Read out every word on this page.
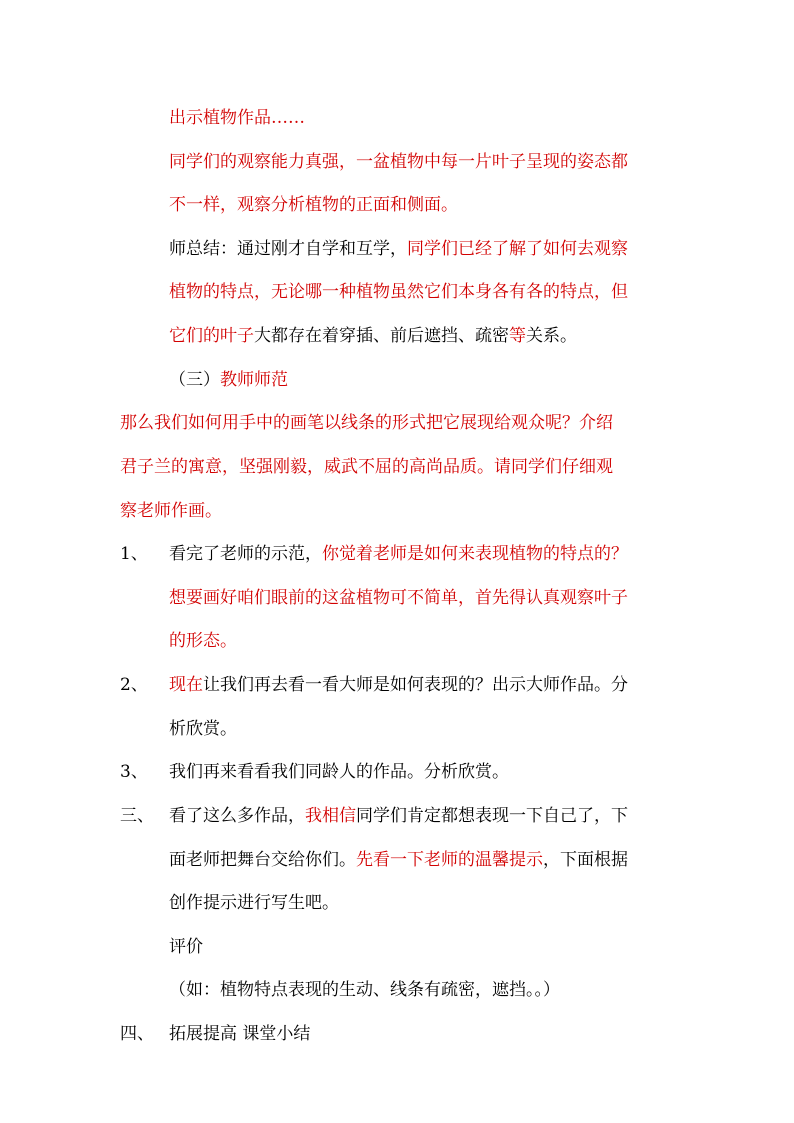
出示植物作品……
同学们的观察能力真强，一盆植物中每一片叶子呈现的姿态都
不一样，观察分析植物的正面和侧面。
师总结：通过刚才自学和互学，同学们已经了解了如何去观察
植物的特点，无论哪一种植物虽然它们本身各有各的特点，但
它们的叶子大都存在着穿插、前后遮挡、疏密等关系。
（三）教师师范
那么我们如何用手中的画笔以线条的形式把它展现给观众呢？介绍
君子兰的寓意，坚强刚毅，威武不屈的高尚品质。请同学们仔细观
察老师作画。
1、 看完了老师的示范，你觉着老师是如何来表现植物的特点的？
想要画好咱们眼前的这盆植物可不简单，首先得认真观察叶子
的形态。
2、 现在让我们再去看一看大师是如何表现的？出示大师作品。分
析欣赏。
3、 我们再来看看我们同龄人的作品。分析欣赏。
三、 看了这么多作品，我相信同学们肯定都想表现一下自己了，下
面老师把舞台交给你们。先看一下老师的温馨提示，下面根据
创作提示进行写生吧。
评价
（如：植物特点表现的生动、线条有疏密，遮挡。。）
四、 拓展提高 课堂小结
